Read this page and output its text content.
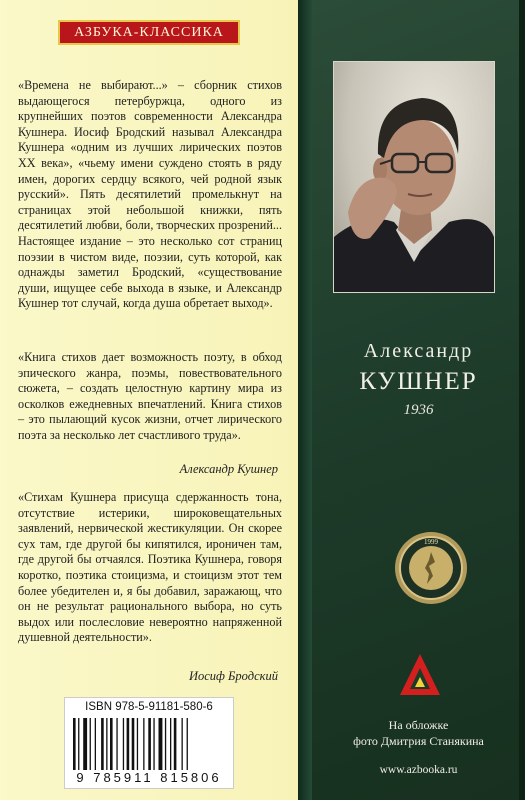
АЗБУКА-КЛАССИКА

«Времена не выбирают...» – сборник стихов выдающегося петербуржца, одного из крупнейших поэтов современности Александра Кушнера. Иосиф Бродский называл Александра Кушнера «одним из лучших лирических поэтов XX века», «чьему имени суждено стоять в ряду имен, дорогих сердцу всякого, чей родной язык русский». Пять десятилетий промелькнут на страницах этой небольшой книжки, пять десятилетий любви, боли, творческих прозрений... Настоящее издание – это несколько сот страниц поэзии в чистом виде, поэзии, суть которой, как однажды заметил Бродский, «существование души, ищущее себе выхода в языке, и Александр Кушнер тот случай, когда душа обретает выход».

«Книга стихов дает возможность поэту, в обход эпического жанра, поэмы, повествовательного сюжета, – создать целостную картину мира из осколков ежедневных впечатлений. Книга стихов – это пылающий кусок жизни, отчет лирического поэта за несколько лет счастливого труда».

Александр Кушнер

«Стихам Кушнера присуща сдержанность тона, отсутствие истерики, широковещательных заявлений, нервической жестикуляции. Он скорее сух там, где другой бы кипятился, ироничен там, где другой бы отчаялся. Поэтика Кушнера, говоря коротко, поэтика стоицизма, и стоицизм этот тем более убедителен и, я бы добавил, заражающ, что он не результат рационального выбора, но суть выдох или послесловие невероятно напряженной душевной деятельности».

Иосиф Бродский
ISBN 978-5-91181-580-6
9 785911 815806
Александр
КУШНЕР
1936
1999
На обложке
фото Дмитрия Станякина
www.azbooka.ru
